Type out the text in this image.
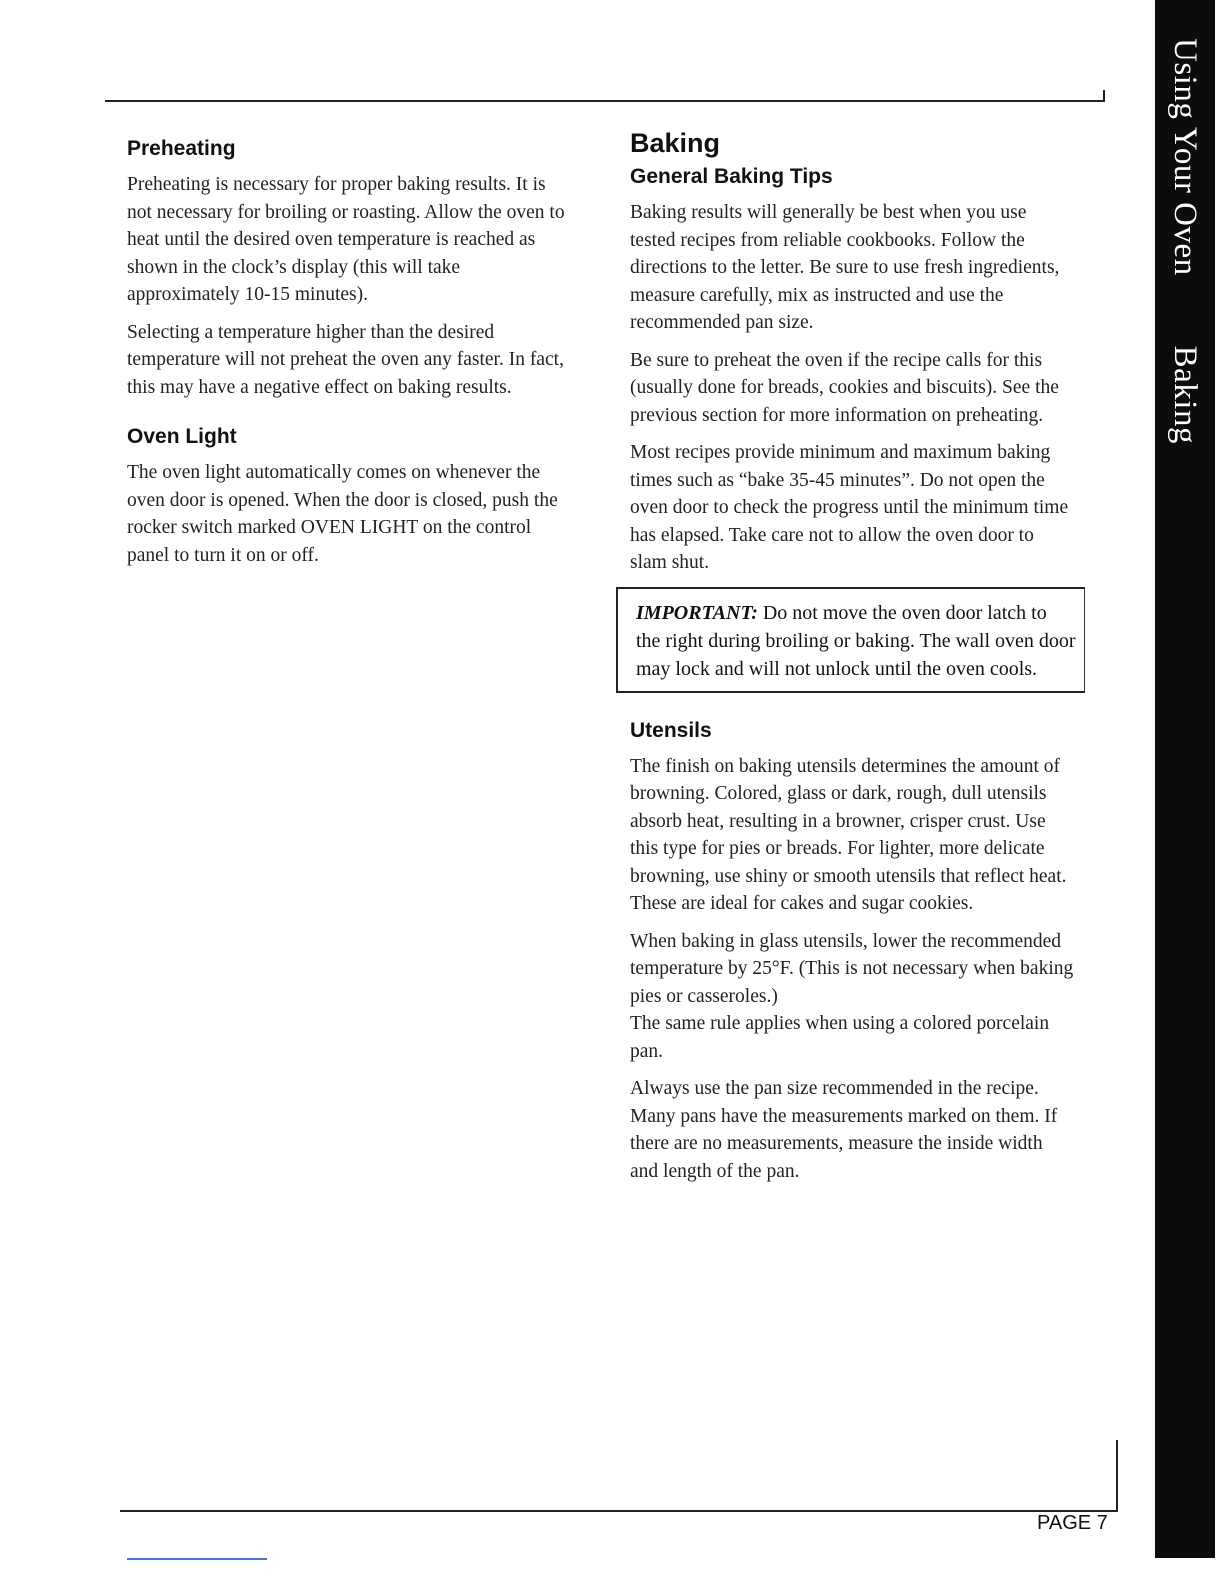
Using Your OvenBaking
Preheating

Preheating is necessary for proper baking results. It is not necessary for broiling or roasting. Allow the oven to heat until the desired oven temperature is reached as shown in the clock’s display (this will take approximately 10-15 minutes).

Selecting a temperature higher than the desired temperature will not preheat the oven any faster. In fact, this may have a negative effect on baking results.

Oven Light

The oven light automatically comes on whenever the oven door is opened. When the door is closed, push the rocker switch marked OVEN LIGHT on the control panel to turn it on or off.

Baking
General Baking Tips

Baking results will generally be best when you use tested recipes from reliable cookbooks. Follow the directions to the letter. Be sure to use fresh ingredients, measure carefully, mix as instructed and use the recommended pan size.

Be sure to preheat the oven if the recipe calls for this (usually done for breads, cookies and biscuits). See the previous section for more information on preheating.

Most recipes provide minimum and maximum baking times such as “bake 35-45 minutes”. Do not open the oven door to check the progress until the minimum time has elapsed. Take care not to allow the oven door to slam shut.

IMPORTANT: Do not move the oven door latch to the right during broiling or baking. The wall oven door may lock and will not unlock until the oven cools.
Utensils

The finish on baking utensils determines the amount of browning. Colored, glass or dark, rough, dull utensils absorb heat, resulting in a browner, crisper crust. Use this type for pies or breads. For lighter, more delicate browning, use shiny or smooth utensils that reflect heat. These are ideal for cakes and sugar cookies.

When baking in glass utensils, lower the recommended temperature by 25°F. (This is not necessary when baking pies or casseroles.)

The same rule applies when using a colored porcelain pan.

Always use the pan size recommended in the recipe. Many pans have the measurements marked on them. If there are no measurements, measure the inside width and length of the pan.

PAGE 7
